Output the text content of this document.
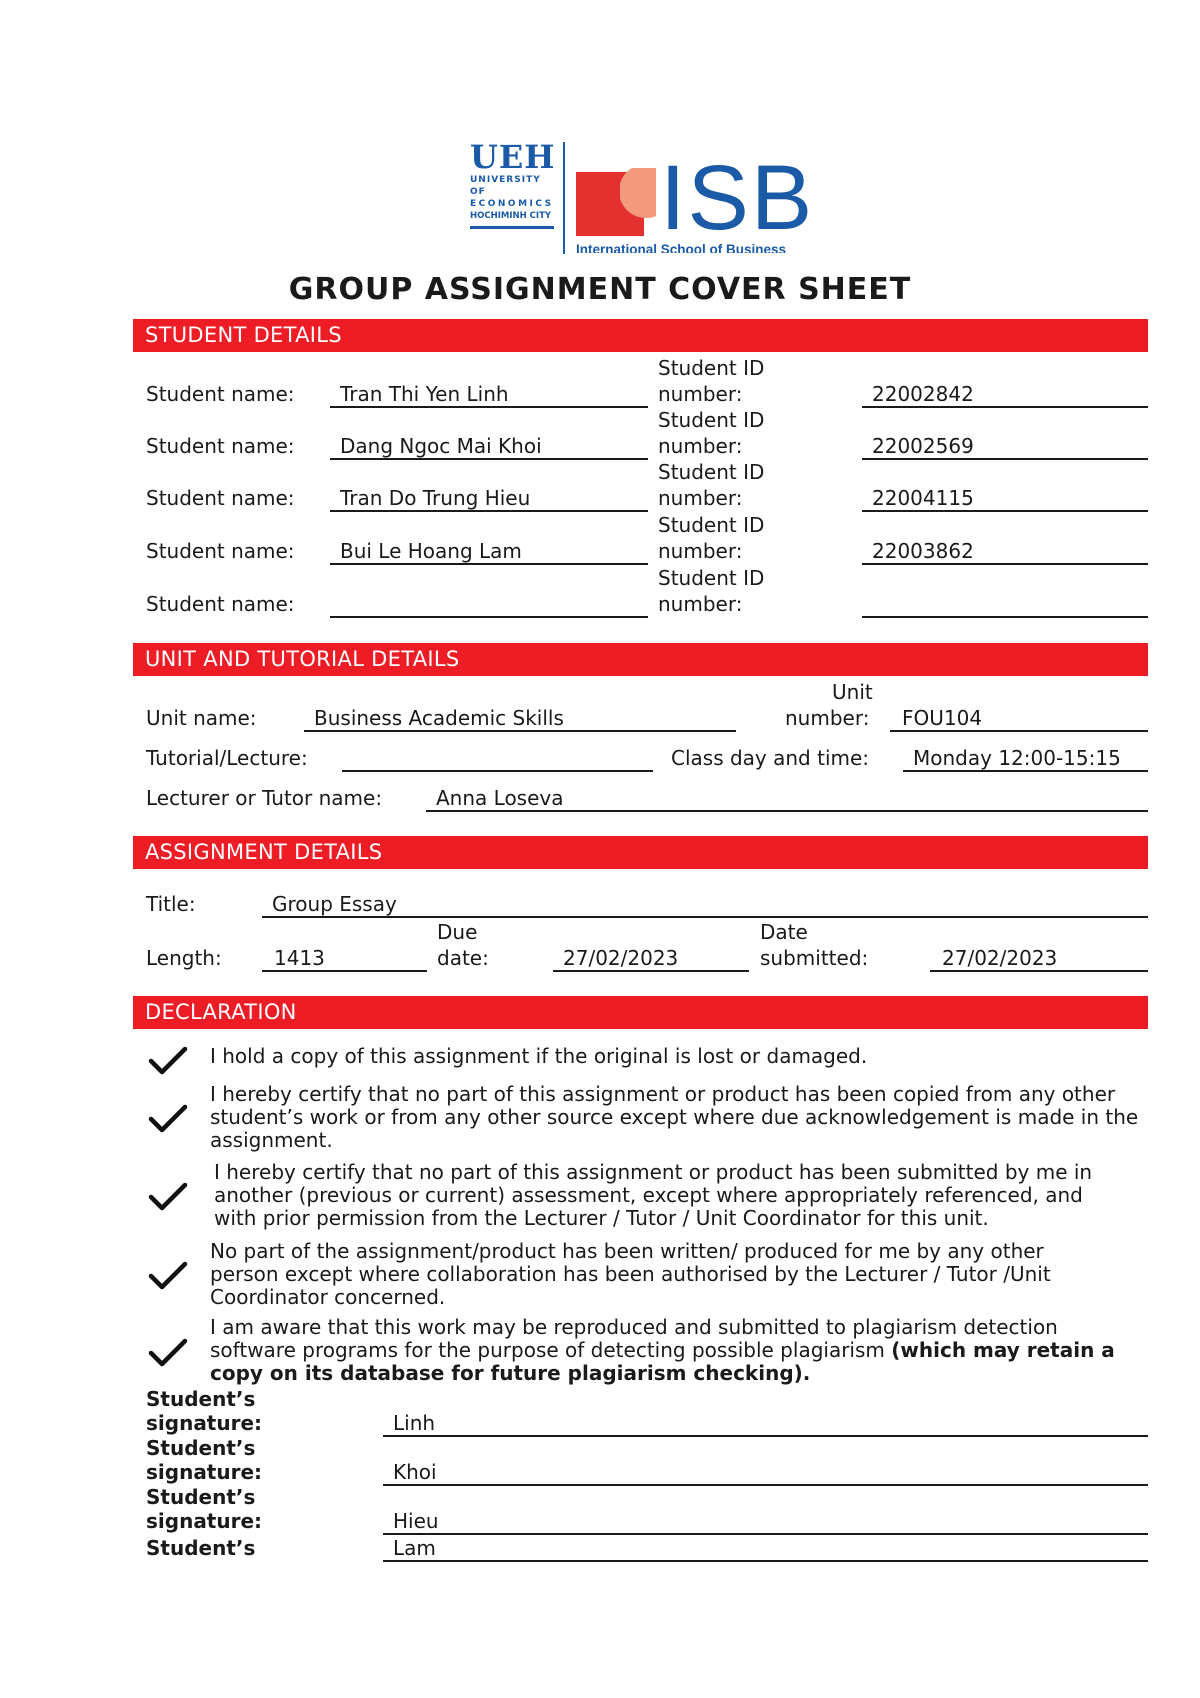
UEH
UNIVERSITY OF
ECONOMICS
HOCHIMINH CITY ISB
International School of Business
GROUP ASSIGNMENT COVER SHEET
STUDENT DETAILS
Student name:	Tran Thi Yen Linh
Student ID
number:	22002842
Student name:	Dang Ngoc Mai Khoi
Student ID
number:	22002569
Student name:	Tran Do Trung Hieu
Student ID
number:	22004115
Student name:	Bui Le Hoang Lam
Student ID
number:	22003862
Student name:
Student ID
number:
UNIT AND TUTORIAL DETAILS
Unit name:	Business Academic Skills
Unit
number:	FOU104
Tutorial/Lecture:	Class day and time:	Monday 12:00-15:15
Lecturer or Tutor name:	Anna Loseva
ASSIGNMENT DETAILS
Title:	Group Essay
Length:	1413
Due
date:	27/02/2023
Date
submitted:	27/02/2023
DECLARATION
I hold a copy of this assignment if the original is lost or damaged.
I hereby certify that no part of this assignment or product has been copied from any other student’s work or from any other source except where due acknowledgement is made in the assignment.
I hereby certify that no part of this assignment or product has been submitted by me in another (previous or current) assessment, except where appropriately referenced, and with prior permission from the Lecturer / Tutor / Unit Coordinator for this unit.
No part of the assignment/product has been written/ produced for me by any other person except where collaboration has been authorised by the Lecturer / Tutor /Unit Coordinator concerned.
I am aware that this work may be reproduced and submitted to plagiarism detection software programs for the purpose of detecting possible plagiarism (which may retain a copy on its database for future plagiarism checking).
Student’s
signature:	Linh
Student’s
signature:	Khoi
Student’s
signature:	Hieu
Student’s	Lam
